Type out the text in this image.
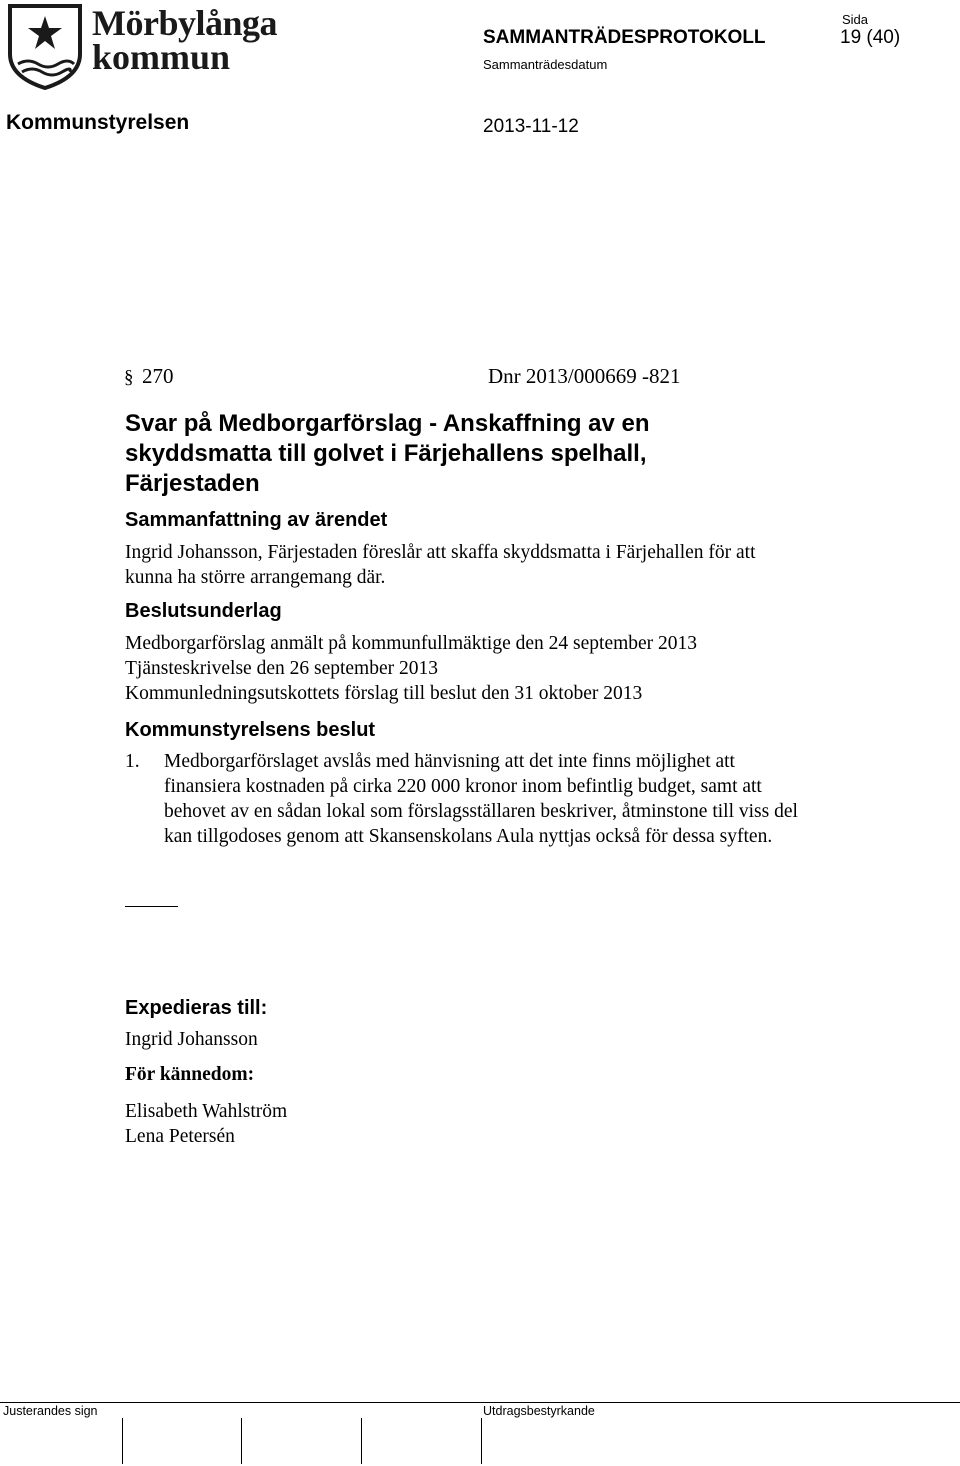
Mörbylånga
kommun	SAMMANTRÄDESPROTOKOLL
Sammanträdesdatum
Sida
19 (40)
Kommunstyrelsen	2013-11-12
§ 270	Dnr 2013/000669 -821
Svar på Medborgarförslag - Anskaffning av en skyddsmatta till golvet i Färjehallens spelhall, Färjestaden
Sammanfattning av ärendet
Ingrid Johansson, Färjestaden föreslår att skaffa skyddsmatta i Färjehallen för att kunna ha större arrangemang där.
Beslutsunderlag
Medborgarförslag anmält på kommunfullmäktige den 24 september 2013
Tjänsteskrivelse den 26 september 2013
Kommunledningsutskottets förslag till beslut den 31 oktober 2013
Kommunstyrelsens beslut
1. Medborgarförslaget avslås med hänvisning att det inte finns möjlighet att finansiera kostnaden på cirka 220 000 kronor inom befintlig budget, samt att behovet av en sådan lokal som förslagsställaren beskriver, åtminstone till viss del kan tillgodoses genom att Skansenskolans Aula nyttjas också för dessa syften.
Expedieras till:
Ingrid Johansson
För kännedom:
Elisabeth Wahlström
Lena Petersén
Justerandes sign	Utdragsbestyrkande
